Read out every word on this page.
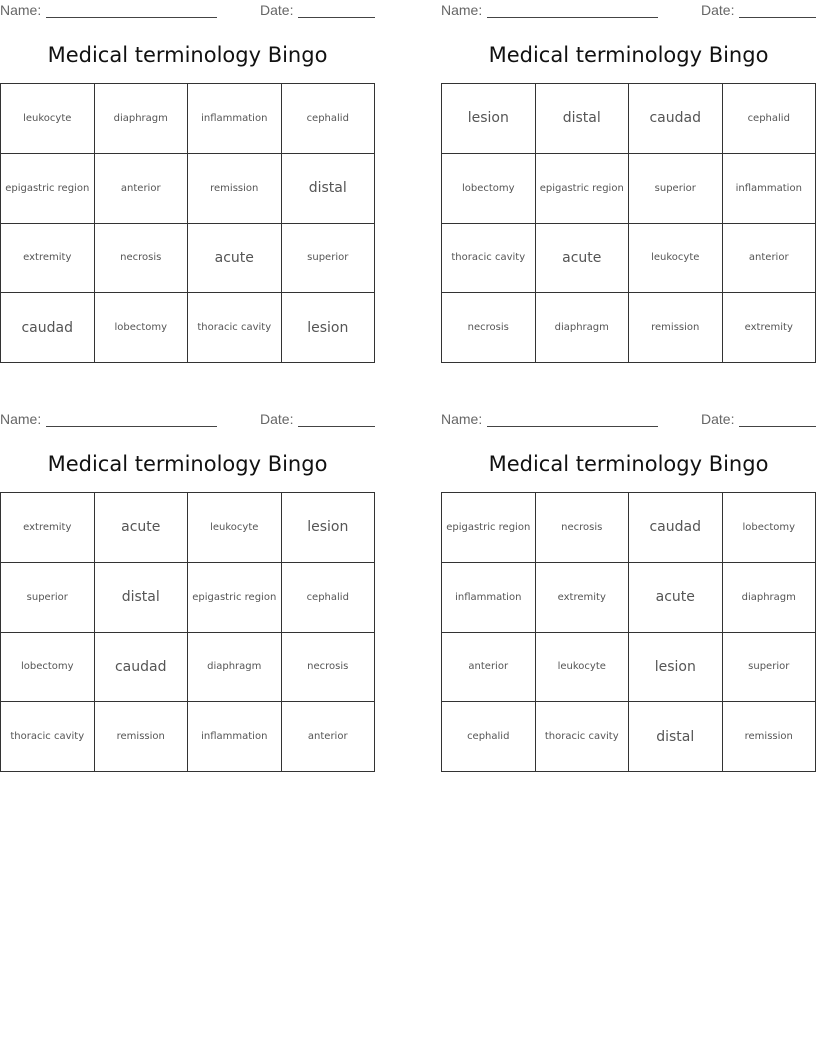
Name:	Date:
Medical terminology Bingo
leukocyte	diaphragm	inflammation	cephalid
epigastric region	anterior	remission	distal
extremity	necrosis	acute	superior
caudad	lobectomy	thoracic cavity	lesion
Name:	Date:
Medical terminology Bingo
lesion	distal	caudad	cephalid
lobectomy	epigastric region	superior	inflammation
thoracic cavity	acute	leukocyte	anterior
necrosis	diaphragm	remission	extremity
Name:	Date:
Medical terminology Bingo
extremity	acute	leukocyte	lesion
superior	distal	epigastric region	cephalid
lobectomy	caudad	diaphragm	necrosis
thoracic cavity	remission	inflammation	anterior
Name:	Date:
Medical terminology Bingo
epigastric region	necrosis	caudad	lobectomy
inflammation	extremity	acute	diaphragm
anterior	leukocyte	lesion	superior
cephalid	thoracic cavity	distal	remission
